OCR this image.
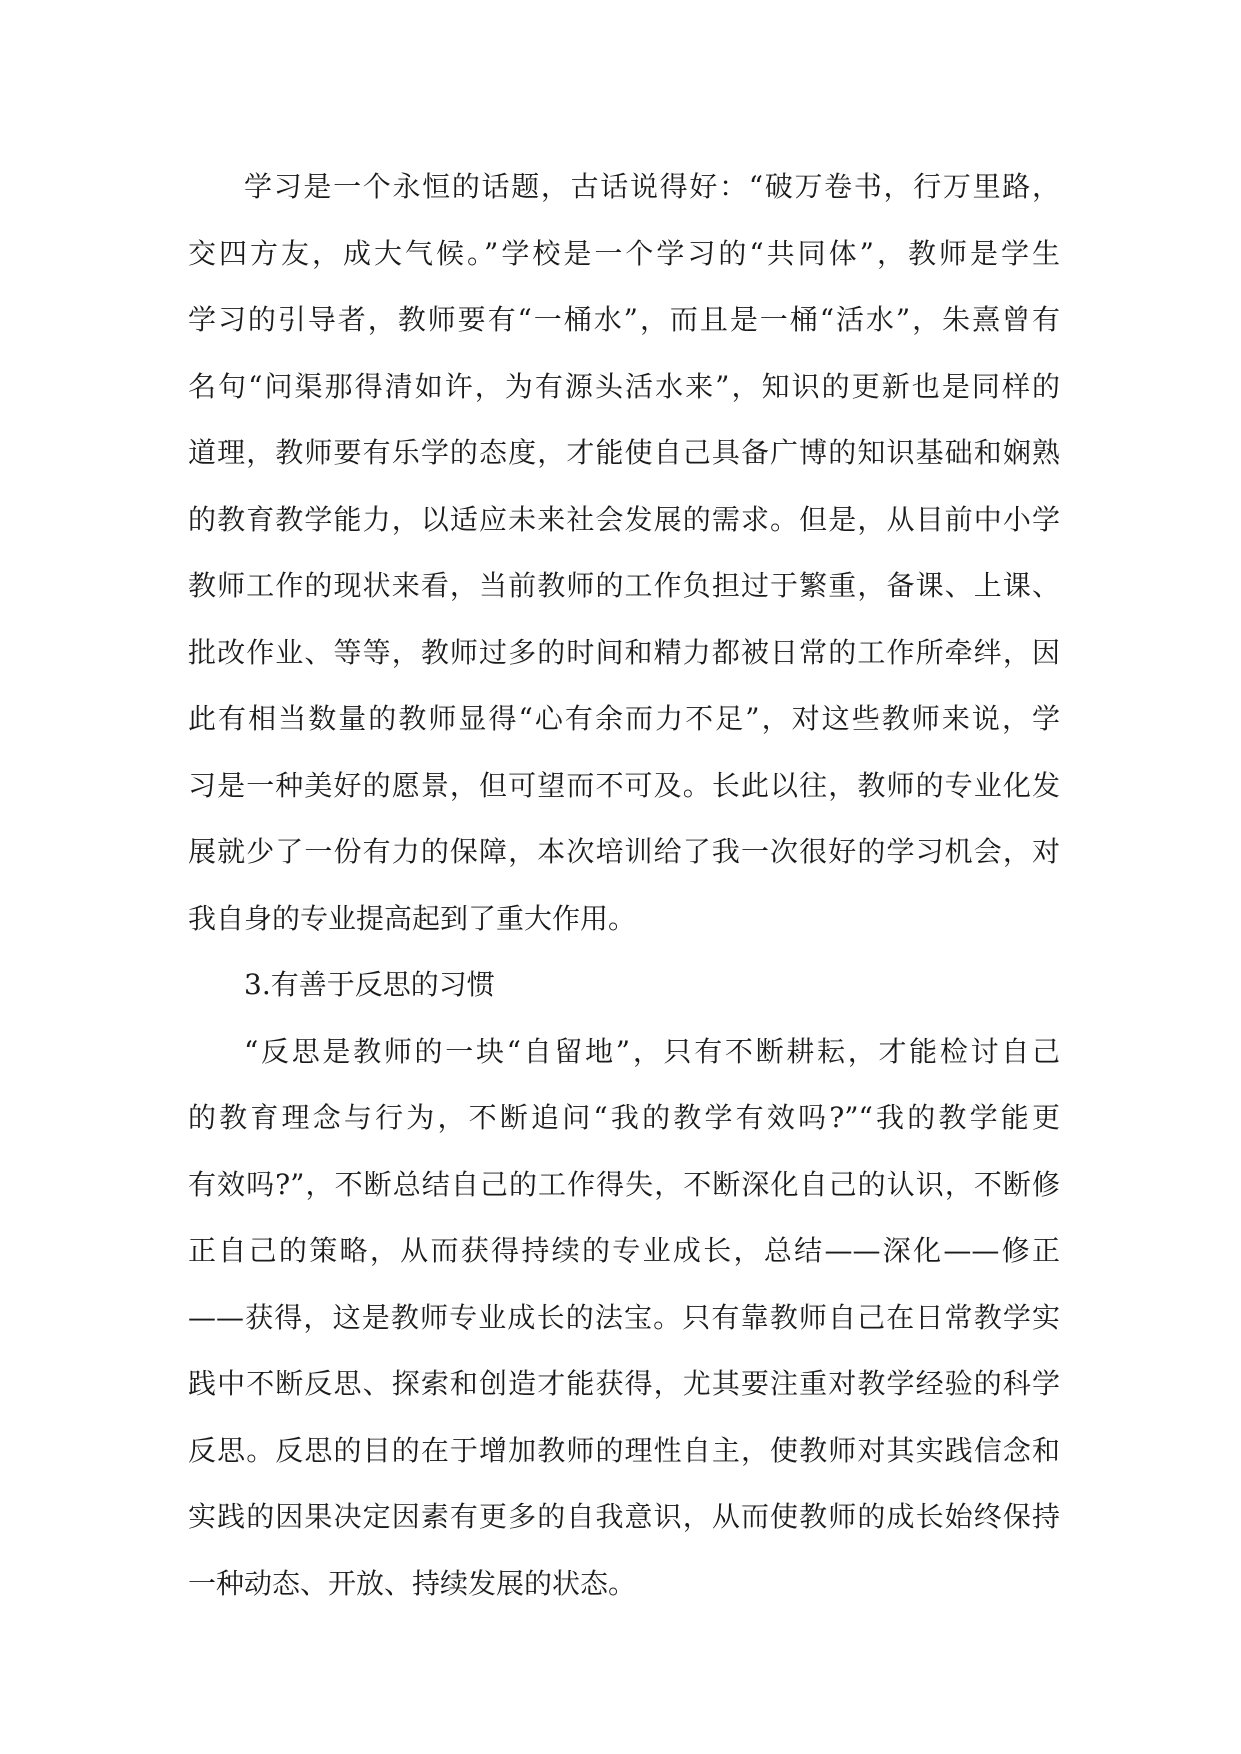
学习是一个永恒的话题，古话说得好：“破万卷书，行万里路，
交四方友，成大气候。”学校是一个学习的“共同体”，教师是学生
学习的引导者，教师要有“一桶水”，而且是一桶“活水”，朱熹曾有
名句“问渠那得清如许，为有源头活水来”，知识的更新也是同样的
道理，教师要有乐学的态度，才能使自己具备广博的知识基础和娴熟
的教育教学能力，以适应未来社会发展的需求。但是，从目前中小学
教师工作的现状来看，当前教师的工作负担过于繁重，备课、上课、
批改作业、等等，教师过多的时间和精力都被日常的工作所牵绊，因
此有相当数量的教师显得“心有余而力不足”，对这些教师来说，学
习是一种美好的愿景，但可望而不可及。长此以往，教师的专业化发
展就少了一份有力的保障，本次培训给了我一次很好的学习机会，对
我自身的专业提高起到了重大作用。
3.有善于反思的习惯
“反思是教师的一块“自留地”，只有不断耕耘，才能检讨自己
的教育理念与行为，不断追问“我的教学有效吗?”“我的教学能更
有效吗?”，不断总结自己的工作得失，不断深化自己的认识，不断修
正自己的策略，从而获得持续的专业成长，总结——深化——修正
——获得，这是教师专业成长的法宝。只有靠教师自己在日常教学实
践中不断反思、探索和创造才能获得，尤其要注重对教学经验的科学
反思。反思的目的在于增加教师的理性自主，使教师对其实践信念和
实践的因果决定因素有更多的自我意识，从而使教师的成长始终保持
一种动态、开放、持续发展的状态。
